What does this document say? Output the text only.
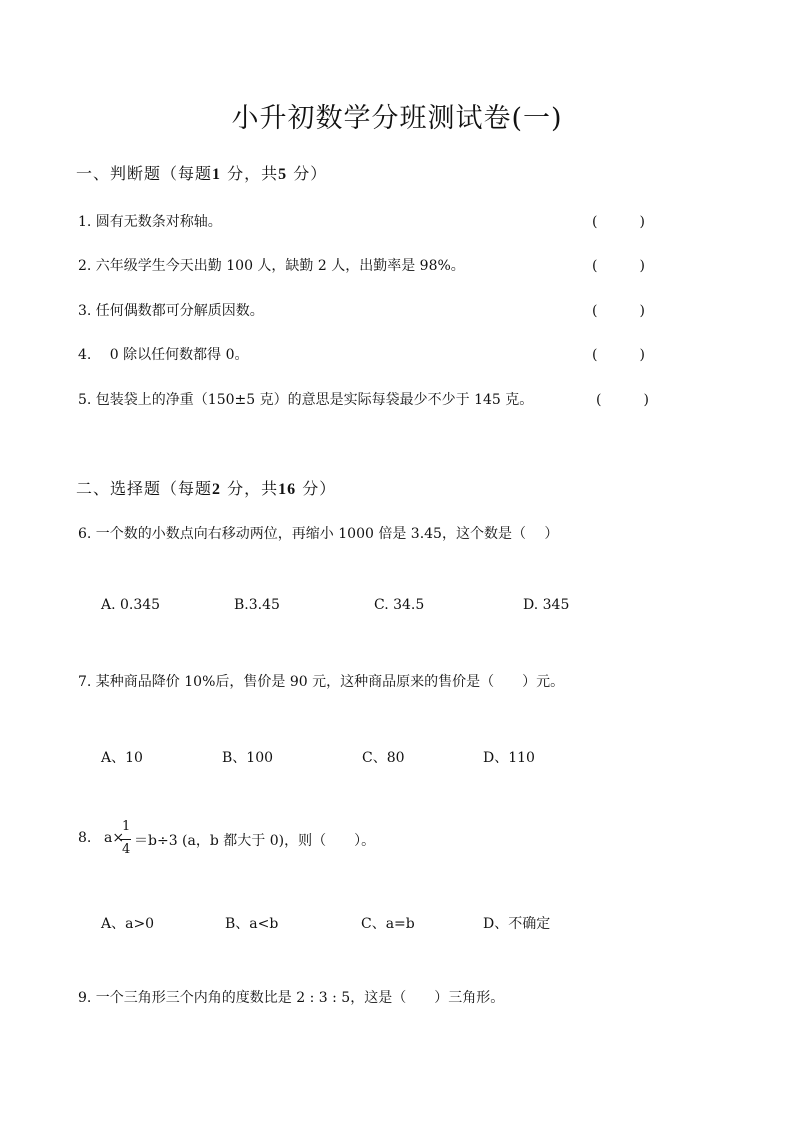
小升初数学分班测试卷(一)
一、判断题（每题1 分，共5 分）
1. 圆有无数条对称轴。	(　　　)
2. 六年级学生今天出勤 100 人，缺勤 2 人，出勤率是 98%。	(　　　)
3. 任何偶数都可分解质因数。	(　　　)
4.　 0 除以任何数都得 0。	(　　　)
5. 包装袋上的净重（150±5 克）的意思是实际每袋最少不少于 145 克。	(　　　)
二、选择题（每题2 分，共16 分）
6. 一个数的小数点向右移动两位，再缩小 1000 倍是 3.45，这个数是（　 ）
A. 0.345	B.3.45	C. 34.5	D. 345
7. 某种商品降价 10%后，售价是 90 元，这种商品原来的售价是（　　）元。
A、10	B、100	C、80	D、110
8. a×
1
4
＝b÷3 (a，b 都大于 0)，则（　　）。
A、a>0	B、a<b	C、a=b	D、不确定
9. 一个三角形三个内角的度数比是 2 : 3 : 5，这是（　　）三角形。
